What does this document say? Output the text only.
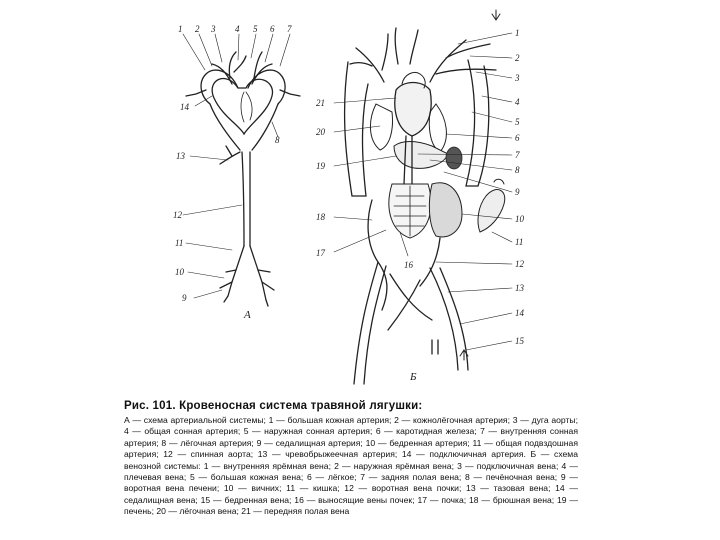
1 2 3 4 5 6 7
8
9
10
11
12
13
14
А
1
2
3
4
5
6
7
8
9
10
11
12
13
14
15
16
17
18
19
20
21
Б

Рис. 101. Кровеносная система травяной лягушки:

А — схема артериальной системы; 1 — большая кожная артерия; 2 — кожнолёгочная артерия; 3 — дуга аорты; 4 — общая сонная артерия; 5 — наружная сонная артерия; 6 — каротидная железа; 7 — внутренняя сонная артерия; 8 — лёгочная артерия; 9 — седалищная артерия; 10 — бедренная артерия; 11 — общая подвздошная артерия; 12 — спинная аорта; 13 — чревобрыжеечная артерия; 14 — подключичная артерия. Б — схема венозной системы: 1 — внутренняя ярёмная вена; 2 — наружная ярёмная вена; 3 — подключичная вена; 4 — плечевая вена; 5 — большая кожная вена; 6 — лёгкое; 7 — задняя полая вена; 8 — печёночная вена; 9 — воротная вена печени; 10 — вичних; 11 — кишка; 12 — воротная вена почки; 13 — тазовая вена; 14 — седалищная вена; 15 — бедренная вена; 16 — выносящие вены почек; 17 — почка; 18 — брюшная вена; 19 — печень; 20 — лёгочная вена; 21 — передняя полая вена
